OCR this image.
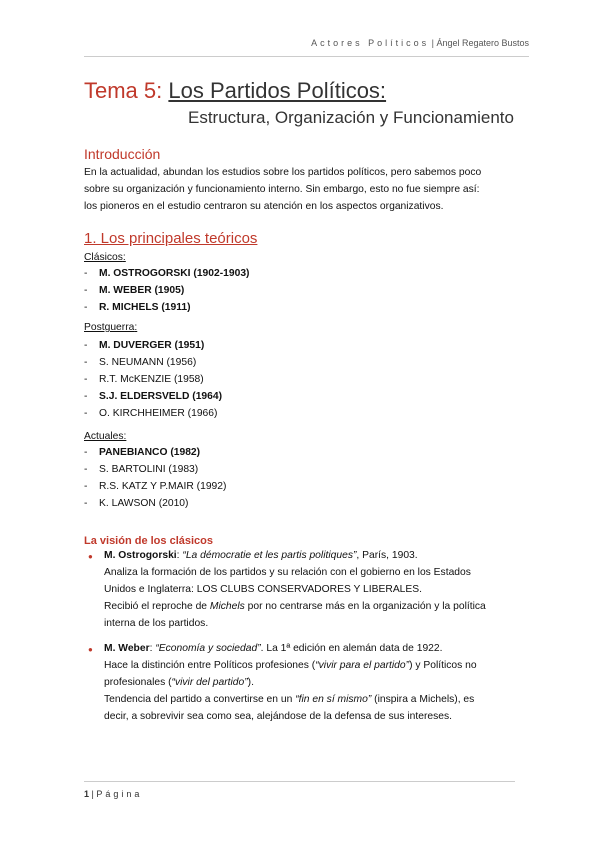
Actores Políticos | Ángel Regatero Bustos
Tema 5: Los Partidos Políticos:
Estructura, Organización y Funcionamiento
Introducción
En la actualidad, abundan los estudios sobre los partidos políticos, pero sabemos poco
sobre su organización y funcionamiento interno. Sin embargo, esto no fue siempre así:
los pioneros en el estudio centraron su atención en los aspectos organizativos.
1. Los principales teóricos
Clásicos:
- M. OSTROGORSKI (1902-1903)
- M. WEBER (1905)
- R. MICHELS (1911)
Postguerra:
- M. DUVERGER (1951)
- S. NEUMANN (1956)
- R.T. McKENZIE (1958)
- S.J. ELDERSVELD (1964)
- O. KIRCHHEIMER (1966)
Actuales:
- PANEBIANCO (1982)
- S. BARTOLINI (1983)
- R.S. KATZ Y P.MAIR (1992)
- K. LAWSON (2010)
La visión de los clásicos
● M. Ostrogorski: “La démocratie et les partis politiques”, París, 1903.

Analiza la formación de los partidos y su relación con el gobierno en los Estados

Unidos e Inglaterra: LOS CLUBS CONSERVADORES Y LIBERALES.

Recibió el reproche de Michels por no centrarse más en la organización y la política

interna de los partidos.

● M. Weber: “Economía y sociedad”. La 1ª edición en alemán data de 1922.

Hace la distinción entre Políticos profesiones (“vivir para el partido”) y Políticos no

profesionales (“vivir del partido”).

Tendencia del partido a convertirse en un “fin en sí mismo” (inspira a Michels), es

decir, a sobrevivir sea como sea, alejándose de la defensa de sus intereses.

1 | Página
